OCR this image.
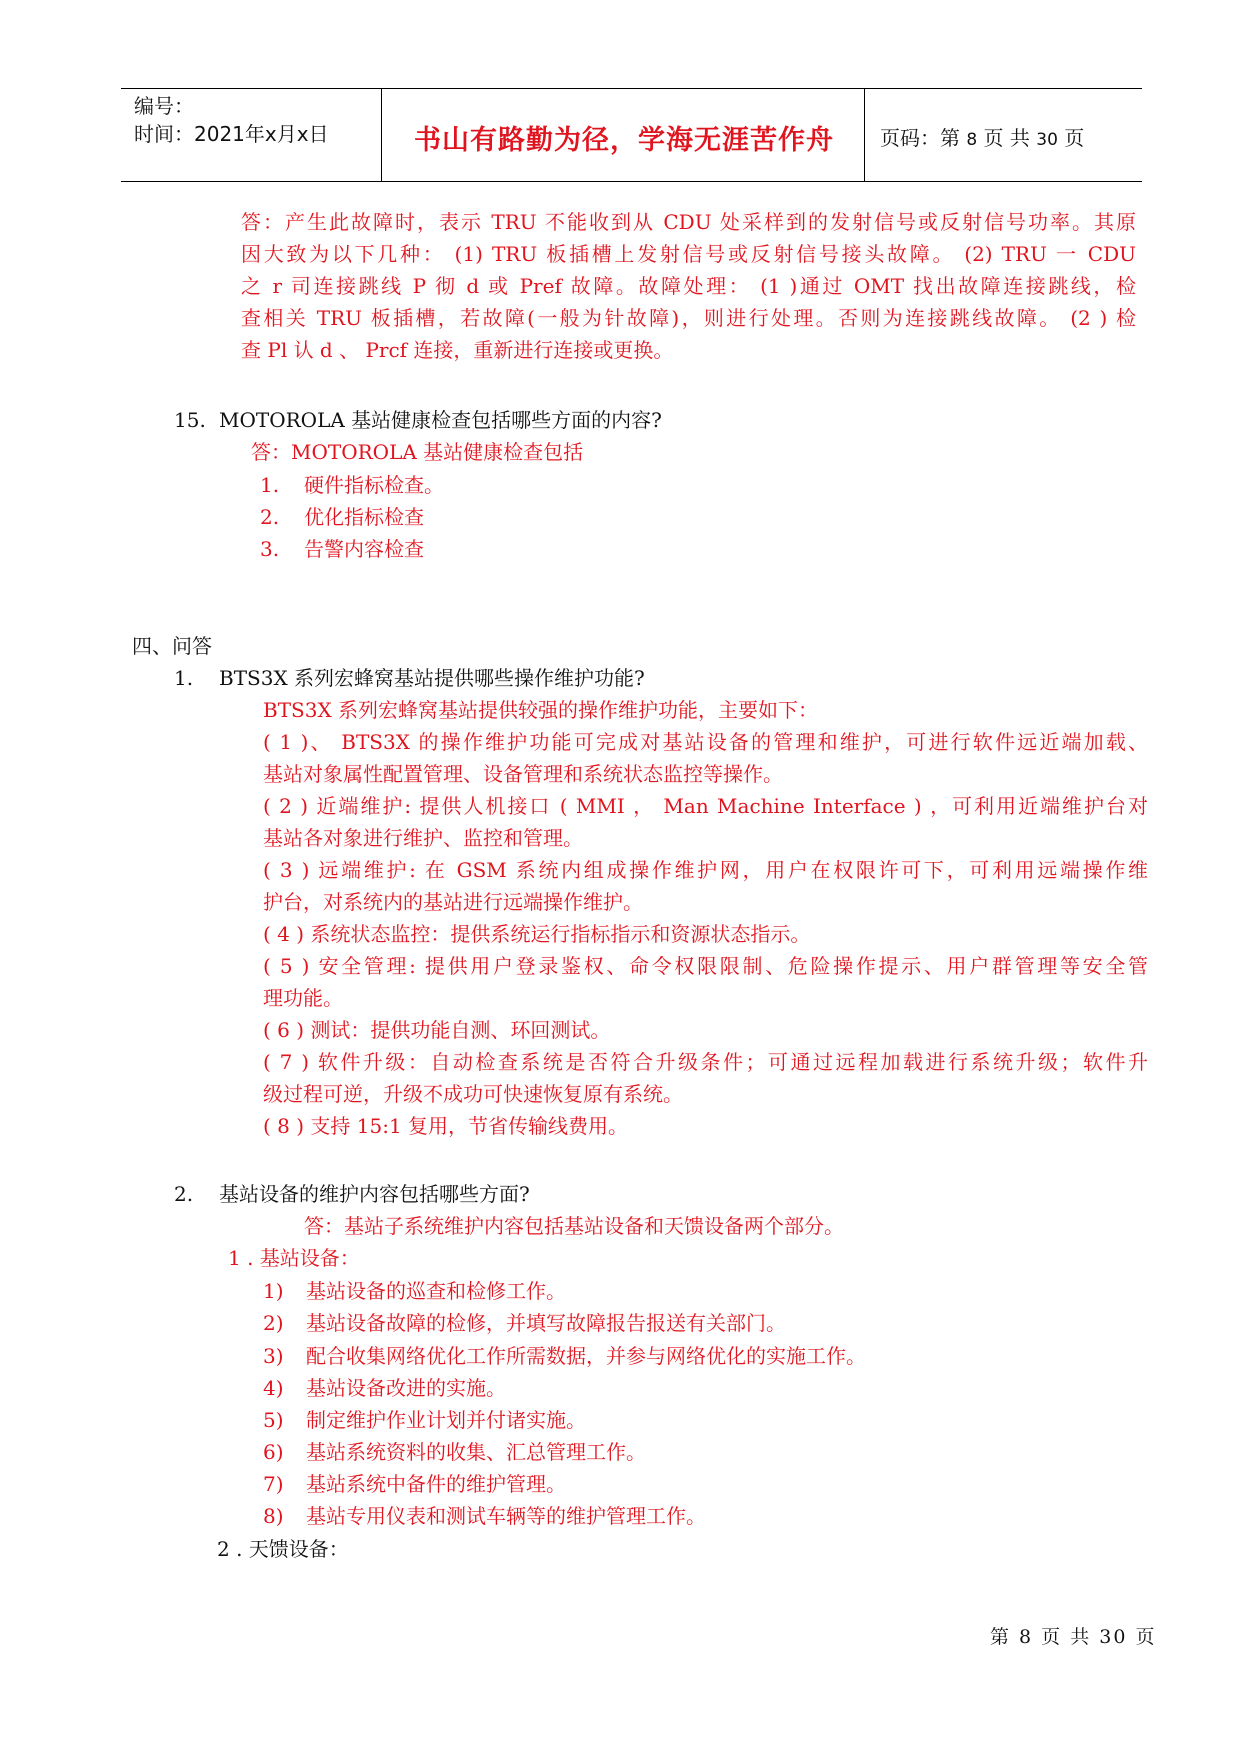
编号：
时间：2021年x月x日	书山有路勤为径，学海无涯苦作舟	页码：第 8 页 共 30 页
答：产生此故障时，表示 TRU 不能收到从 CDU 处采样到的发射信号或反射信号功率。其原
因大致为以下几种： (1) TRU 板插槽上发射信号或反射信号接头故障。 (2) TRU 一 CDU
之 r 司连接跳线 P 彻 d 或 Pref 故障。故障处理： (1 )通过 OMT 找出故障连接跳线，检
查相关 TRU 板插槽，若故障(一般为针故障)，则进行处理。否则为连接跳线故障。 (2 ) 检
查 Pl 认 d 、 Prcf 连接，重新进行连接或更换。
15. MOTOROLA 基站健康检查包括哪些方面的内容?
答：MOTOROLA 基站健康检查包括
1. 硬件指标检查。
2. 优化指标检查
3. 告警内容检查
四、问答
1. BTS3X 系列宏蜂窝基站提供哪些操作维护功能?
BTS3X 系列宏蜂窝基站提供较强的操作维护功能，主要如下：
( 1 )、 BTS3X 的操作维护功能可完成对基站设备的管理和维护，可进行软件远近端加载、
基站对象属性配置管理、设备管理和系统状态监控等操作。
( 2 ) 近端维护: 提供人机接口 ( MMI ， Man Machine Interface ) ，可利用近端维护台对
基站各对象进行维护、监控和管理。
( 3 ) 远端维护: 在 GSM 系统内组成操作维护网，用户在权限许可下，可利用远端操作维
护台，对系统内的基站进行远端操作维护。
( 4 ) 系统状态监控：提供系统运行指标指示和资源状态指示。
( 5 ) 安全管理: 提供用户登录鉴权、命令权限限制、危险操作提示、用户群管理等安全管
理功能。
( 6 ) 测试：提供功能自测、环回测试。
( 7 ) 软件升级：自动检查系统是否符合升级条件；可通过远程加载进行系统升级；软件升
级过程可逆，升级不成功可快速恢复原有系统。
( 8 ) 支持 15:1 复用，节省传输线费用。
2. 基站设备的维护内容包括哪些方面?
答：基站子系统维护内容包括基站设备和天馈设备两个部分。
1 . 基站设备：
1) 基站设备的巡查和检修工作。
2) 基站设备故障的检修，并填写故障报告报送有关部门。
3) 配合收集网络优化工作所需数据，并参与网络优化的实施工作。
4) 基站设备改进的实施。
5) 制定维护作业计划并付诸实施。
6) 基站系统资料的收集、汇总管理工作。
7) 基站系统中备件的维护管理。
8) 基站专用仪表和测试车辆等的维护管理工作。
2 . 天馈设备：
第 8 页 共 30 页
